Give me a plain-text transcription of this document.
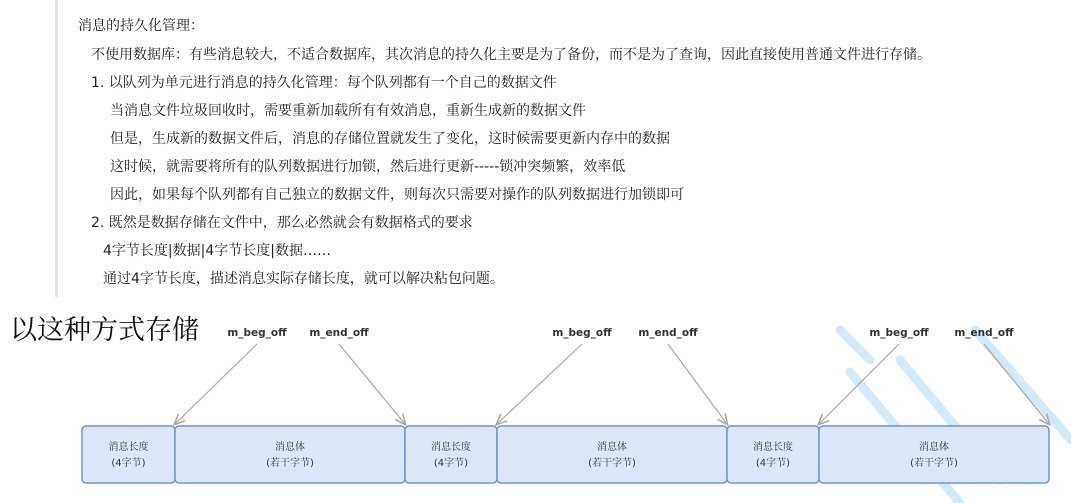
消息的持久化管理：
不使用数据库：有些消息较大，不适合数据库，其次消息的持久化主要是为了备份，而不是为了查询，因此直接使用普通文件进行存储。
1. 以队列为单元进行消息的持久化管理：每个队列都有一个自己的数据文件
当消息文件垃圾回收时，需要重新加载所有有效消息，重新生成新的数据文件
但是，生成新的数据文件后，消息的存储位置就发生了变化，这时候需要更新内存中的数据
这时候，就需要将所有的队列数据进行加锁，然后进行更新-----锁冲突频繁，效率低
因此，如果每个队列都有自己独立的数据文件，则每次只需要对操作的队列数据进行加锁即可
2. 既然是数据存储在文件中，那么必然就会有数据格式的要求
4字节长度|数据|4字节长度|数据……
通过4字节长度，描述消息实际存储长度，就可以解决粘包问题。
以这种方式存储
消息长度
(4字节)
消息体
(若干字节)
消息长度
(4字节)
消息体
(若干字节)
消息长度
(4字节)
消息体
(若干字节)
m_beg_off m_end_off	m_beg_off	m_end_off	m_beg_off m_end_off
